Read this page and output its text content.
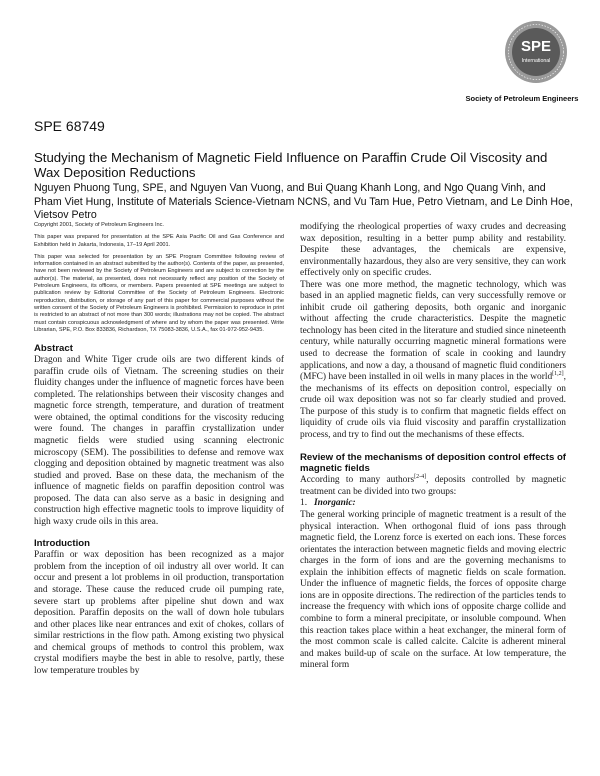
SPE
International
Society of Petroleum Engineers
SPE 68749
Studying the Mechanism of Magnetic Field Influence on Paraffin Crude Oil Viscosity and Wax Deposition Reductions

Nguyen Phuong Tung, SPE, and Nguyen Van Vuong, and Bui Quang Khanh Long, and Ngo Quang Vinh, and Pham Viet Hung, Institute of Materials Science-Vietnam NCNS, and Vu Tam Hue, Petro Vietnam, and Le Dinh Hoe, Vietsov Petro

Copyright 2001, Society of Petroleum Engineers Inc.

This paper was prepared for presentation at the SPE Asia Pacific Oil and Gas Conference and Exhibition held in Jakarta, Indonesia, 17–19 April 2001.

This paper was selected for presentation by an SPE Program Committee following review of information contained in an abstract submitted by the author(s). Contents of the paper, as presented, have not been reviewed by the Society of Petroleum Engineers and are subject to correction by the author(s). The material, as presented, does not necessarily reflect any position of the Society of Petroleum Engineers, its officers, or members. Papers presented at SPE meetings are subject to publication review by Editorial Committee of the Society of Petroleum Engineers. Electronic reproduction, distribution, or storage of any part of this paper for commercial purposes without the written consent of the Society of Petroleum Engineers is prohibited. Permission to reproduce in print is restricted to an abstract of not more than 300 words; illustrations may not be copied. The abstract must contain conspicuous acknowledgment of where and by whom the paper was presented. Write Librarian, SPE, P.O. Box 833836, Richardson, TX 75083-3836, U.S.A., fax 01-972-952-9435.

Abstract

Dragon and White Tiger crude oils are two different kinds of paraffin crude oils of Vietnam. The screening studies on their fluidity changes under the influence of magnetic forces have been completed. The relationships between their viscosity changes and magnetic force strength, temperature, and duration of treatment were obtained, the optimal conditions for the viscosity reducing were found. The changes in paraffin crystallization under magnetic fields were studied using scanning electronic microscopy (SEM). The possibilities to defense and remove wax clogging and deposition obtained by magnetic treatment was also studied and proved. Base on these data, the mechanism of the influence of magnetic fields on paraffin deposition control was proposed. The data can also serve as a basic in designing and construction high effective magnetic tools to improve liquidity of high waxy crude oils in this area.

Introduction

Paraffin or wax deposition has been recognized as a major problem from the inception of oil industry all over world. It can occur and present a lot problems in oil production, transportation and storage. These cause the reduced crude oil pumping rate, severe start up problems after pipeline shut down and wax deposition. Paraffin deposits on the wall of down hole tubulars and other places like near entrances and exit of chokes, collars of similar restrictions in the flow path. Among existing two physical and chemical groups of methods to control this problem, wax crystal modifiers maybe the best in able to resolve, partly, these low temperature troubles by

modifying the rheological properties of waxy crudes and decreasing wax deposition, resulting in a better pump ability and restability. Despite these advantages, the chemicals are expensive, environmentally hazardous, they also are very sensitive, they can work effectively only on specific crudes.

There was one more method, the magnetic technology, which was based in an applied magnetic fields, can very successfully remove or inhibit crude oil gathering deposits, both organic and inorganic without affecting the crude characteristics. Despite the magnetic technology has been cited in the literature and studied since nineteenth century, while naturally occurring magnetic mineral formations were used to decrease the formation of scale in cooking and laundry applications, and now a day, a thousand of magnetic fluid conditioners (MFC) have been installed in oil wells in many places in the world[1,2], the mechanisms of its effects on deposition control, especially on crude oil wax deposition was not so far clearly studied and proved. The purpose of this study is to confirm that magnetic fields effect on liquidity of crude oils via fluid viscosity and paraffin crystallization process, and try to find out the mechanisms of these effects.

Review of the mechanisms of deposition control effects of magnetic fields

According to many authors[2-4], deposits controlled by magnetic treatment can be divided into two groups:

1. Inorganic:

The general working principle of magnetic treatment is a result of the physical interaction. When orthogonal fluid of ions pass through magnetic field, the Lorenz force is exerted on each ions. These forces orientates the interaction between magnetic fields and moving electric charges in the form of ions and are the governing mechanisms to explain the inhibition effects of magnetic fields on scale formation. Under the influence of magnetic fields, the forces of opposite charge ions are in opposite directions. The redirection of the particles tends to increase the frequency with which ions of opposite charge collide and combine to form a mineral precipitate, or insoluble compound. When this reaction takes place within a heat exchanger, the mineral form of the most common scale is called calcite. Calcite is adherent mineral and makes build-up of scale on the surface. At low temperature, the mineral form
